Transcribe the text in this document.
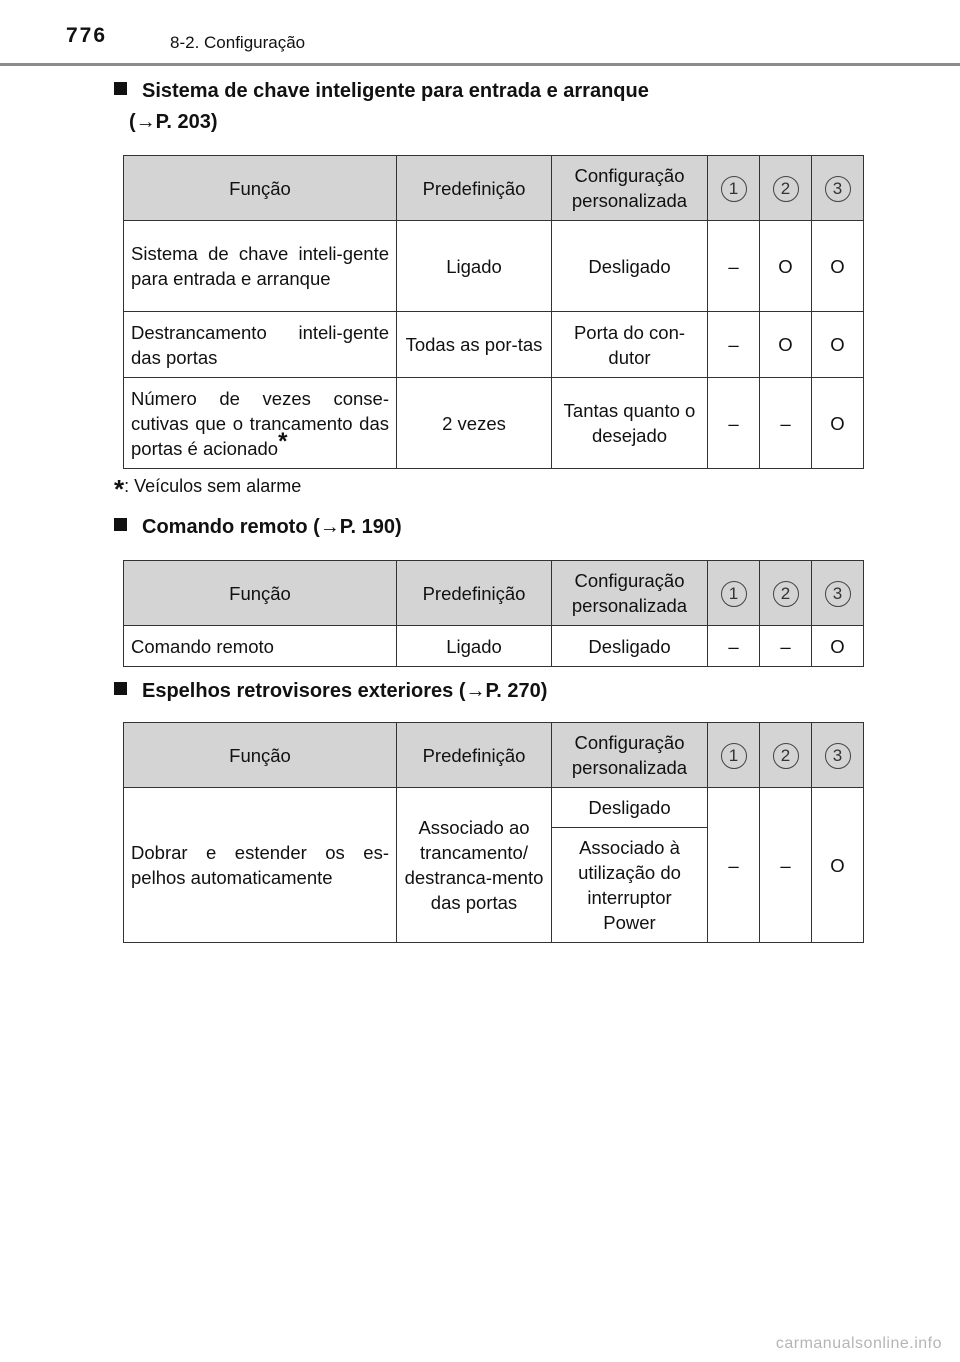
776	8-2. Configuração
Sistema de chave inteligente para entrada e arranque
(→P. 203)
Função	Predefinição	Configuração personalizada	1	2	3
Sistema de chave inteli-gente para entrada e arranque	Ligado	Desligado	–	O	O
Destrancamento inteli-gente das portas	Todas as por-tas	Porta do con-dutor	–	O	O
Número de vezes conse-cutivas que o trancamento das portas é acionado*	2 vezes	Tantas quanto o desejado	–	–	O
*: Veículos sem alarme
Comando remoto (→P. 190)
Função	Predefinição	Configuração personalizada	1	2	3
Comando remoto	Ligado	Desligado	–	–	O
Espelhos retrovisores exteriores (→P. 270)
Função	Predefinição	Configuração personalizada	1	2	3
Dobrar e estender os es-pelhos automaticamente	Associado ao trancamento/ destranca-mento das portas	Desligado	–	–	O
		Associado à utilização do interruptor Power			
carmanualsonline.info
